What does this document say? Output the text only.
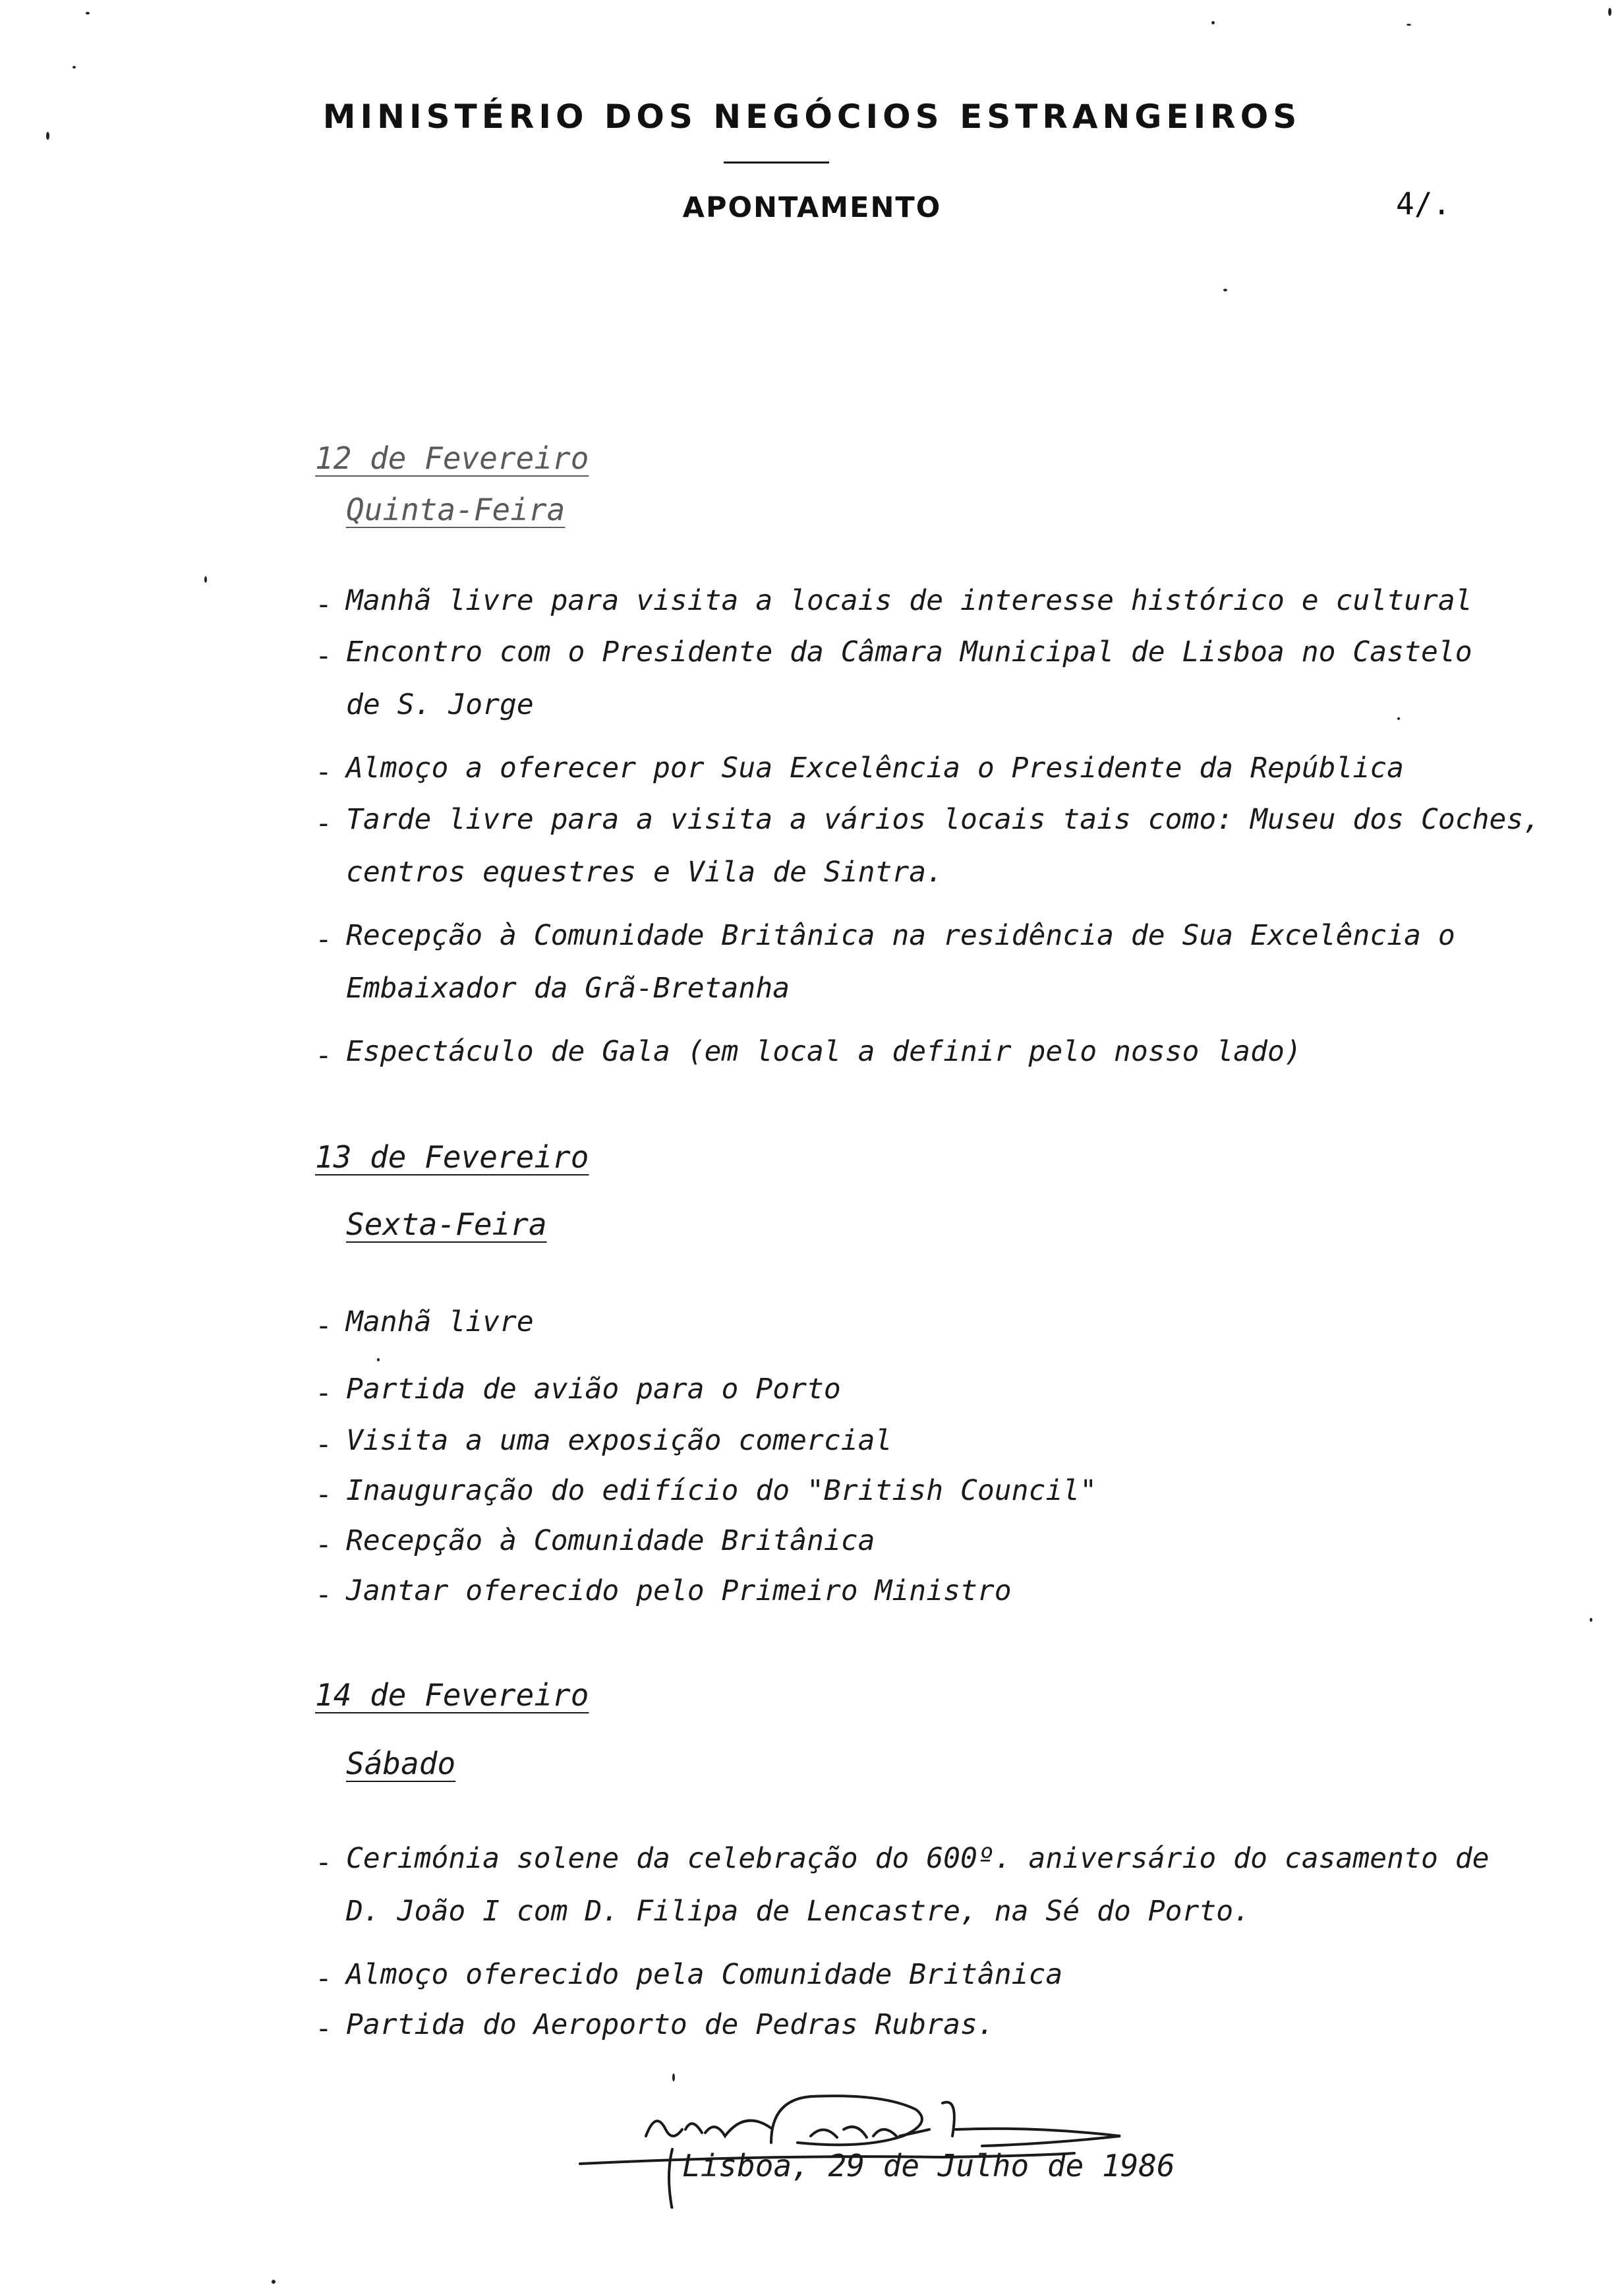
MINISTÉRIO DOS NEGÓCIOS ESTRANGEIROS
APONTAMENTO	4/.
12 de Fevereiro
Quinta-Feira
- Manhã livre para visita a locais de interesse histórico e cultural
- Encontro com o Presidente da Câmara Municipal de Lisboa no Castelo
de S. Jorge
- Almoço a oferecer por Sua Excelência o Presidente da República
- Tarde livre para a visita a vários locais tais como: Museu dos Coches,
centros equestres e Vila de Sintra.
- Recepção à Comunidade Britânica na residência de Sua Excelência o
Embaixador da Grã-Bretanha
- Espectáculo de Gala (em local a definir pelo nosso lado)
13 de Fevereiro
Sexta-Feira
- Manhã livre
- Partida de avião para o Porto
- Visita a uma exposição comercial
- Inauguração do edifício do "British Council"
- Recepção à Comunidade Britânica
- Jantar oferecido pelo Primeiro Ministro
14 de Fevereiro
Sábado
- Cerimónia solene da celebração do 600º. aniversário do casamento de
D. João I com D. Filipa de Lencastre, na Sé do Porto.
- Almoço oferecido pela Comunidade Britânica
- Partida do Aeroporto de Pedras Rubras.
Lisboa, 29 de Julho de 1986
